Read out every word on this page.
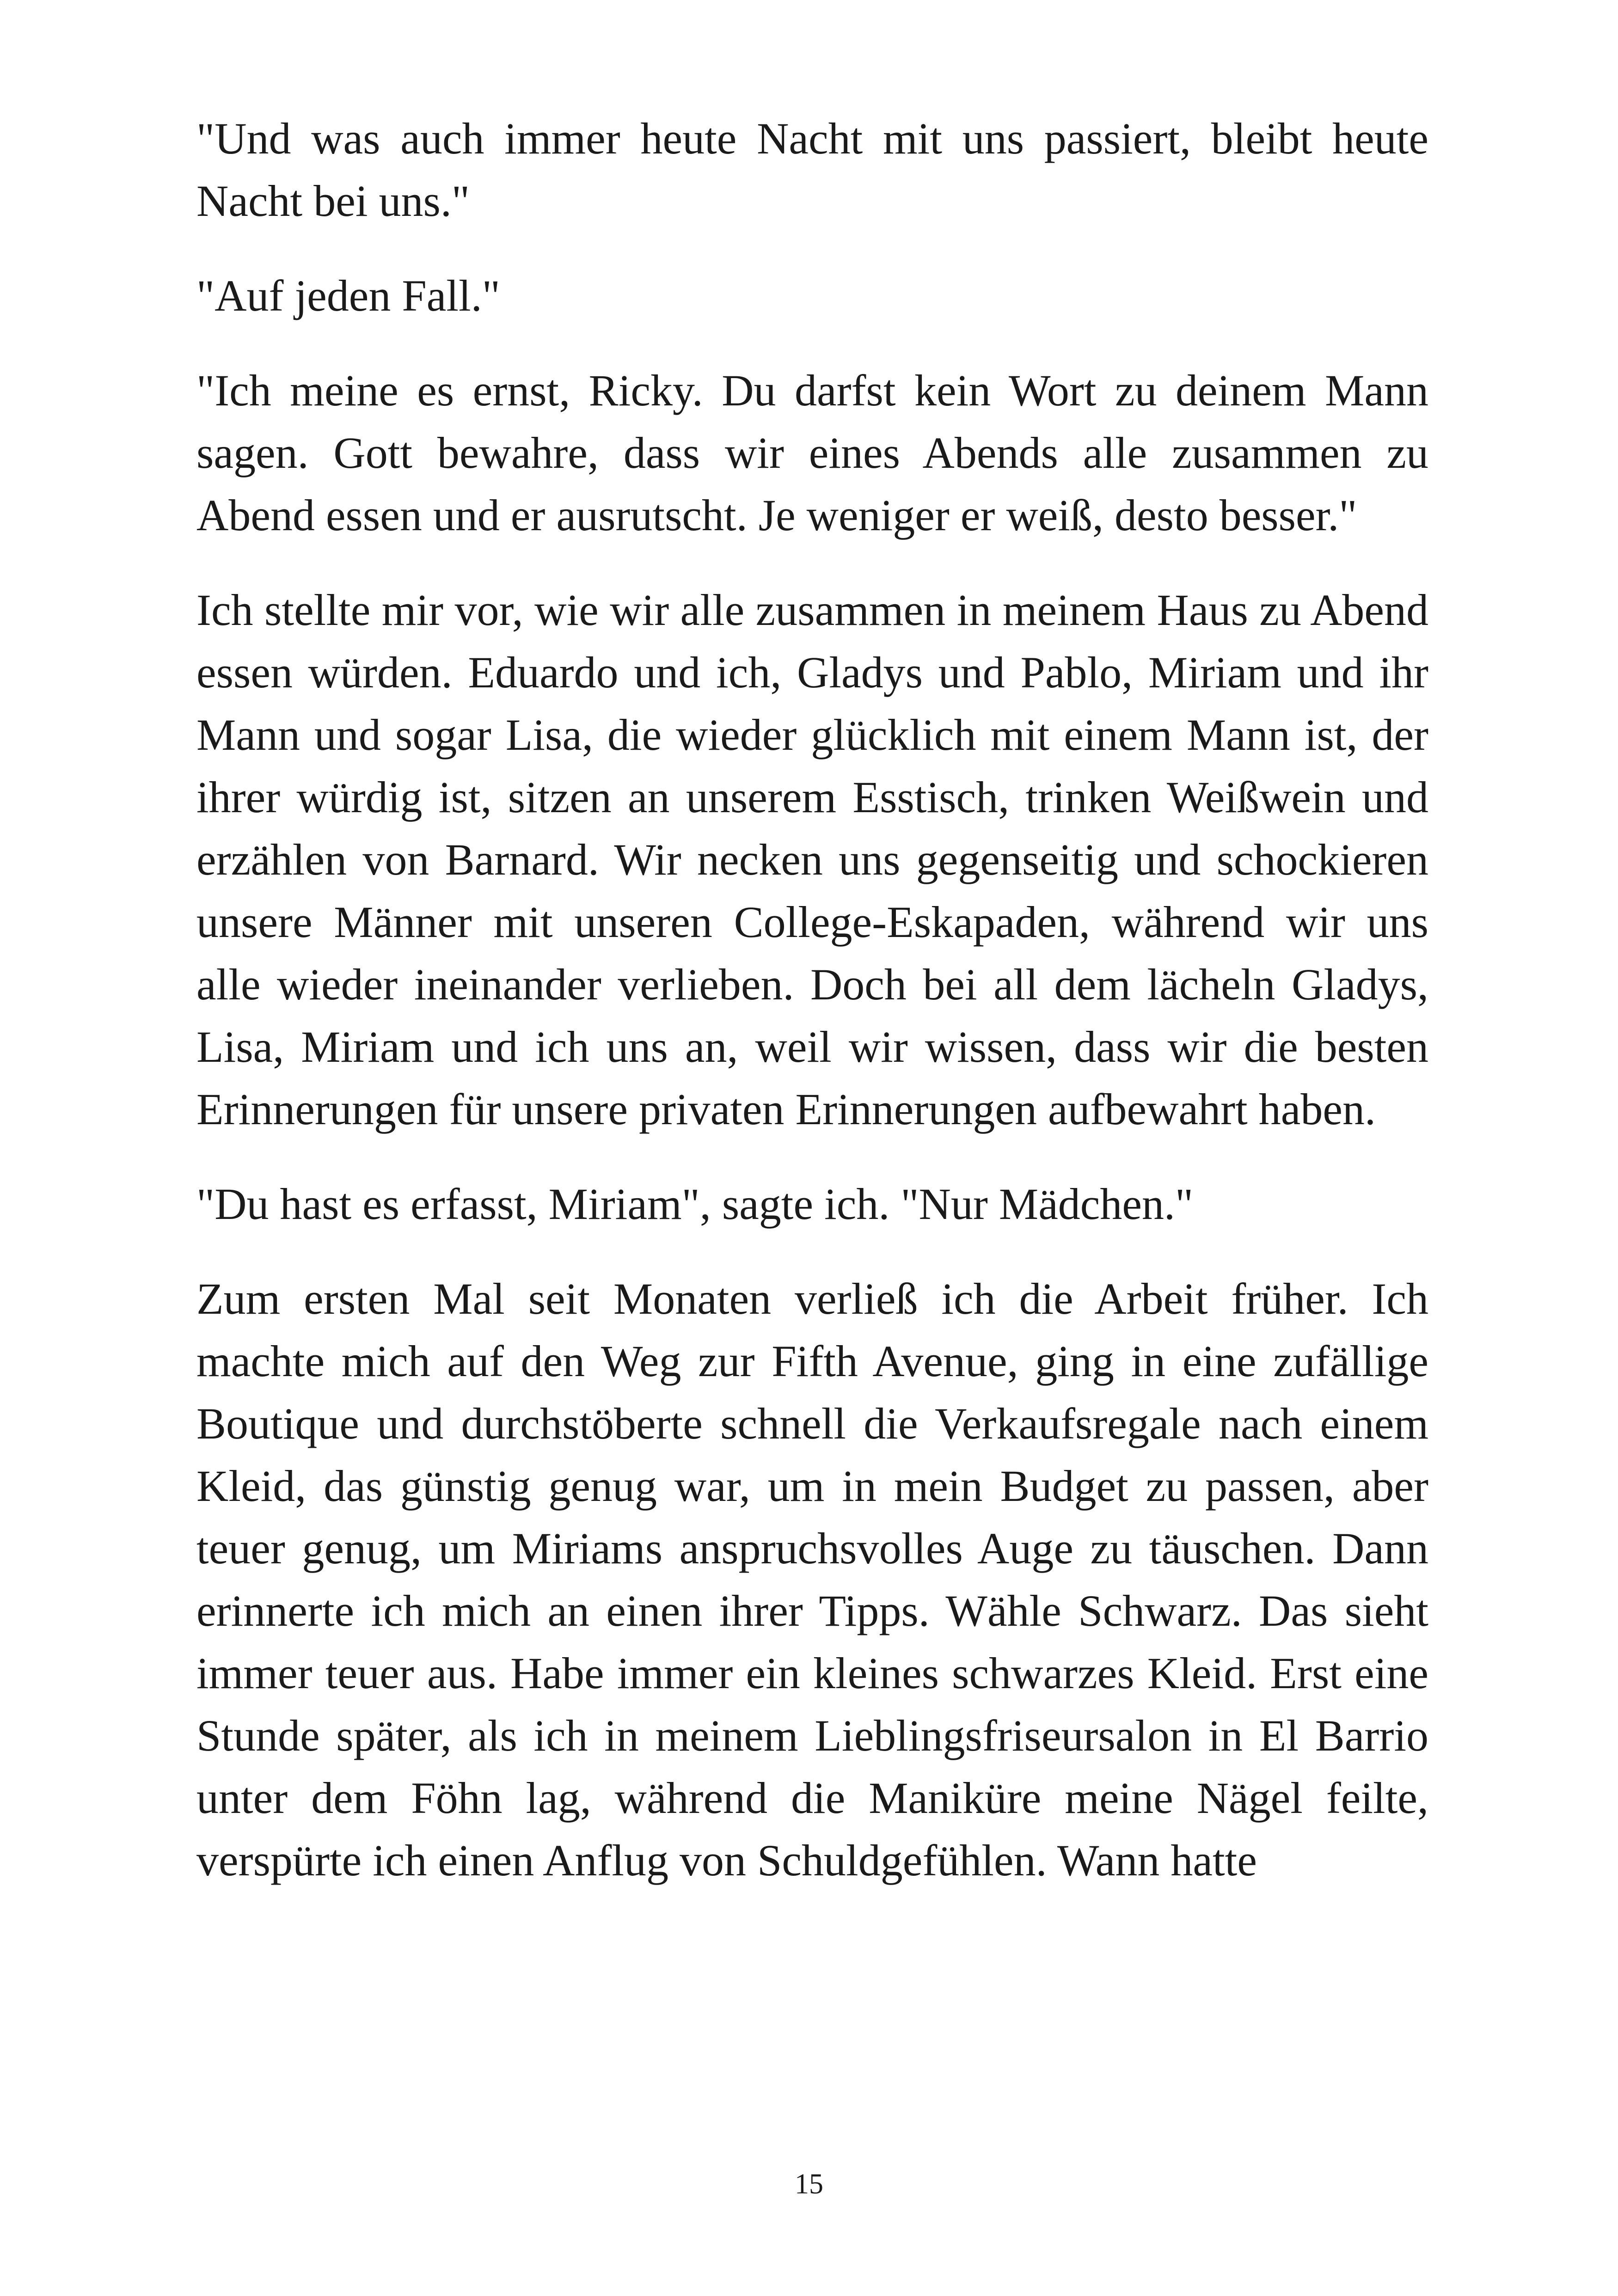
"Und was auch immer heute Nacht mit uns passiert, bleibt heute Nacht bei uns."

"Auf jeden Fall."

"Ich meine es ernst, Ricky. Du darfst kein Wort zu deinem Mann sagen. Gott bewahre, dass wir eines Abends alle zusammen zu Abend essen und er ausrutscht. Je weniger er weiß, desto besser."

Ich stellte mir vor, wie wir alle zusammen in meinem Haus zu Abend essen würden. Eduardo und ich, Gladys und Pablo, Miriam und ihr Mann und sogar Lisa, die wieder glücklich mit einem Mann ist, der ihrer würdig ist, sitzen an unserem Esstisch, trinken Weißwein und erzählen von Barnard. Wir necken uns gegenseitig und schockieren unsere Männer mit unseren College-Eskapaden, während wir uns alle wieder ineinander verlieben. Doch bei all dem lächeln Gladys, Lisa, Miriam und ich uns an, weil wir wissen, dass wir die besten Erinnerungen für unsere privaten Erinnerungen aufbewahrt haben.

"Du hast es erfasst, Miriam", sagte ich. "Nur Mädchen."

Zum ersten Mal seit Monaten verließ ich die Arbeit früher. Ich machte mich auf den Weg zur Fifth Avenue, ging in eine zufällige Boutique und durchstöberte schnell die Verkaufsregale nach einem Kleid, das günstig genug war, um in mein Budget zu passen, aber teuer genug, um Miriams anspruchsvolles Auge zu täuschen. Dann erinnerte ich mich an einen ihrer Tipps. Wähle Schwarz. Das sieht immer teuer aus. Habe immer ein kleines schwarzes Kleid. Erst eine Stunde später, als ich in meinem Lieblingsfriseursalon in El Barrio unter dem Föhn lag, während die Maniküre meine Nägel feilte, verspürte ich einen Anflug von Schuldgefühlen. Wann hatte

15
